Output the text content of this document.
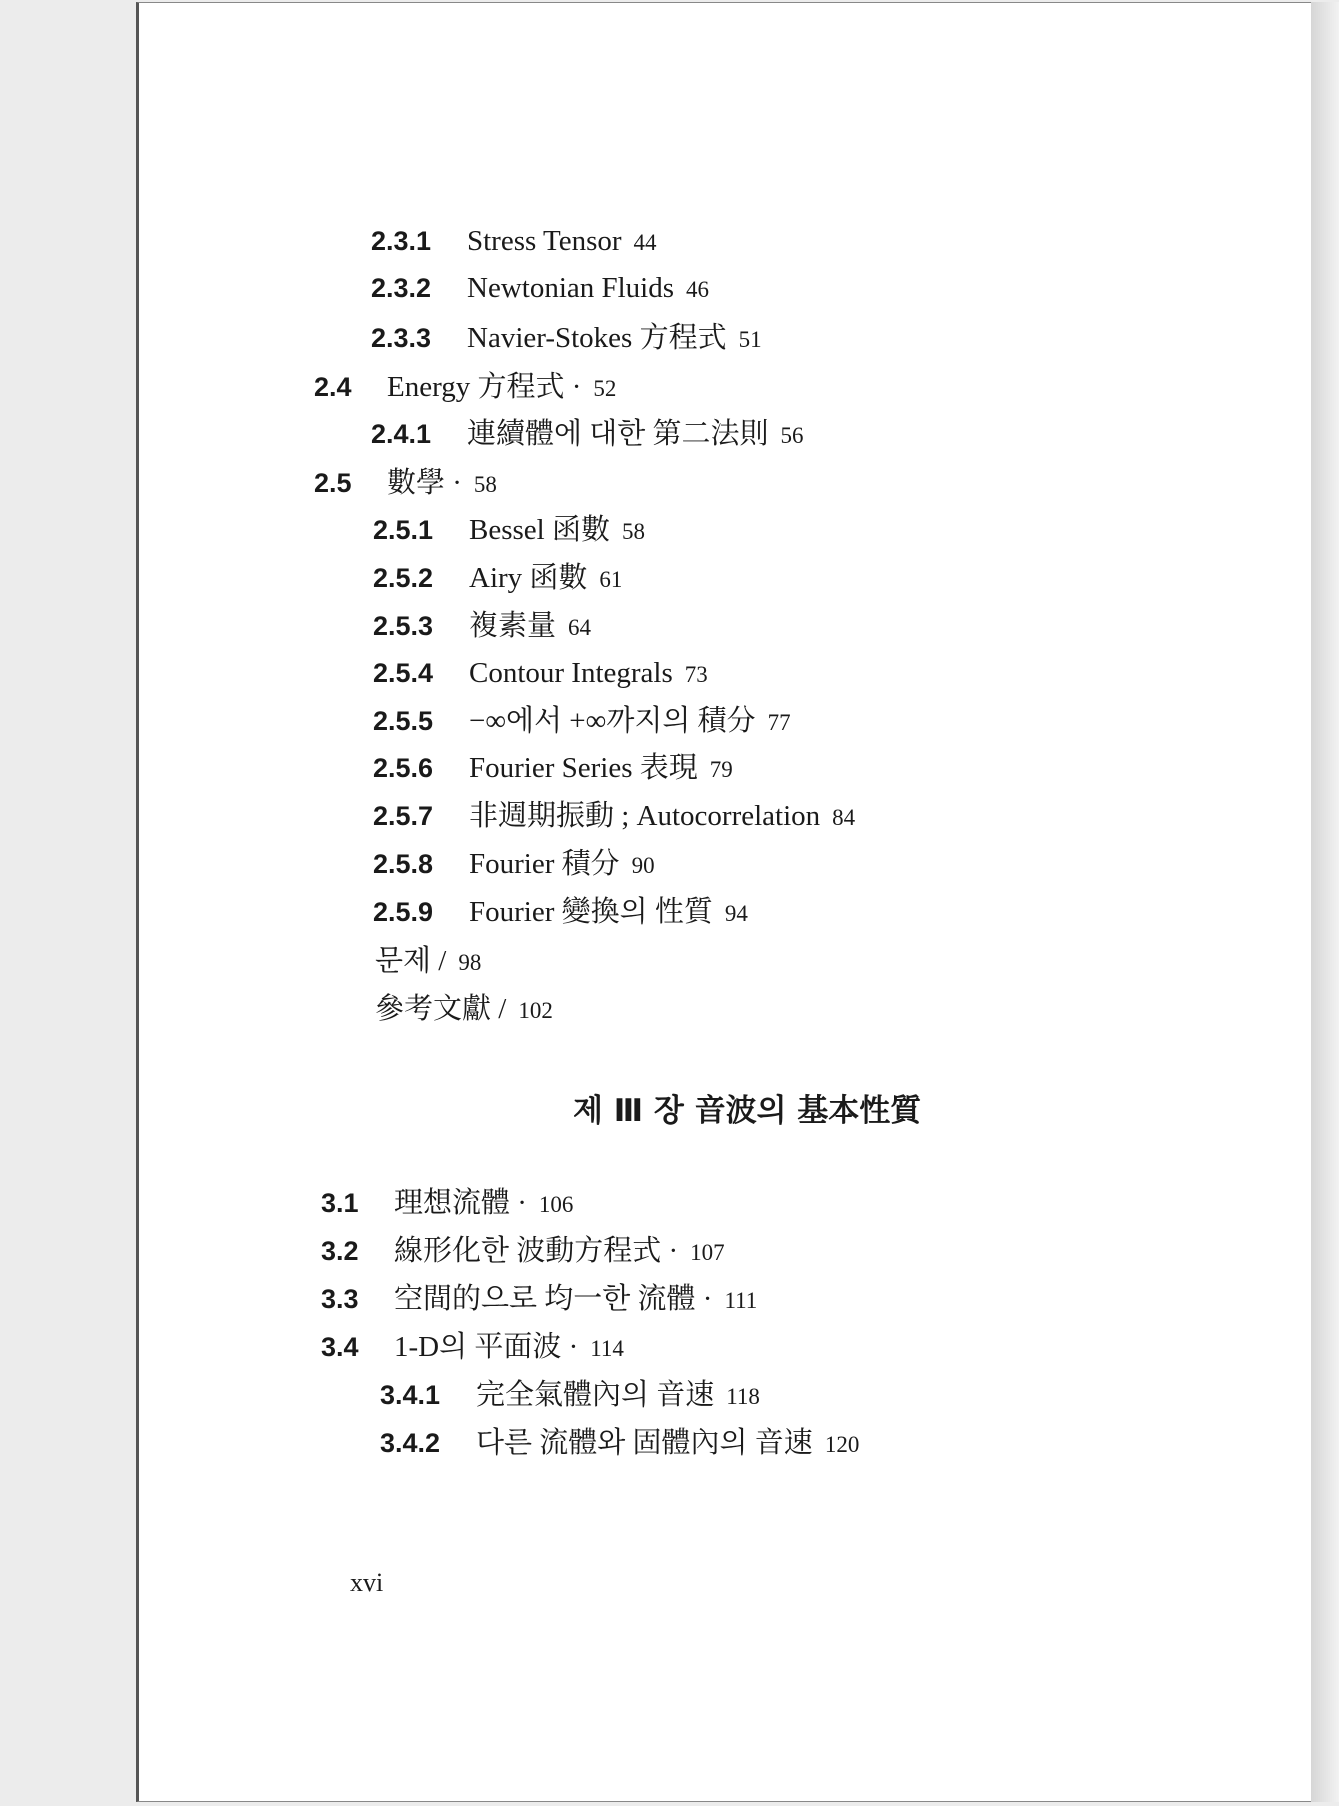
2.3.1 Stress Tensor 44
2.3.2 Newtonian Fluids 46
2.3.3 Navier-Stokes 方程式 51
2.4 Energy 方程式 · 52
2.4.1 連續體에 대한 第二法則 56
2.5 數學 · 58
2.5.1 Bessel 函數 58
2.5.2 Airy 函數 61
2.5.3 複素量 64
2.5.4 Contour Integrals 73
2.5.5 −∞에서 +∞까지의 積分 77
2.5.6 Fourier Series 表現 79
2.5.7 非週期振動 ; Autocorrelation 84
2.5.8 Fourier 積分 90
2.5.9 Fourier 變換의 性質 94
문제 / 98
參考文獻 / 102
제 Ⅲ 장 音波의 基本性質
3.1 理想流體 · 106
3.2 線形化한 波動方程式 · 107
3.3 空間的으로 均一한 流體 · 111
3.4 1-D의 平面波 · 114
3.4.1 完全氣體內의 音速 118
3.4.2 다른 流體와 固體內의 音速 120
xvi
